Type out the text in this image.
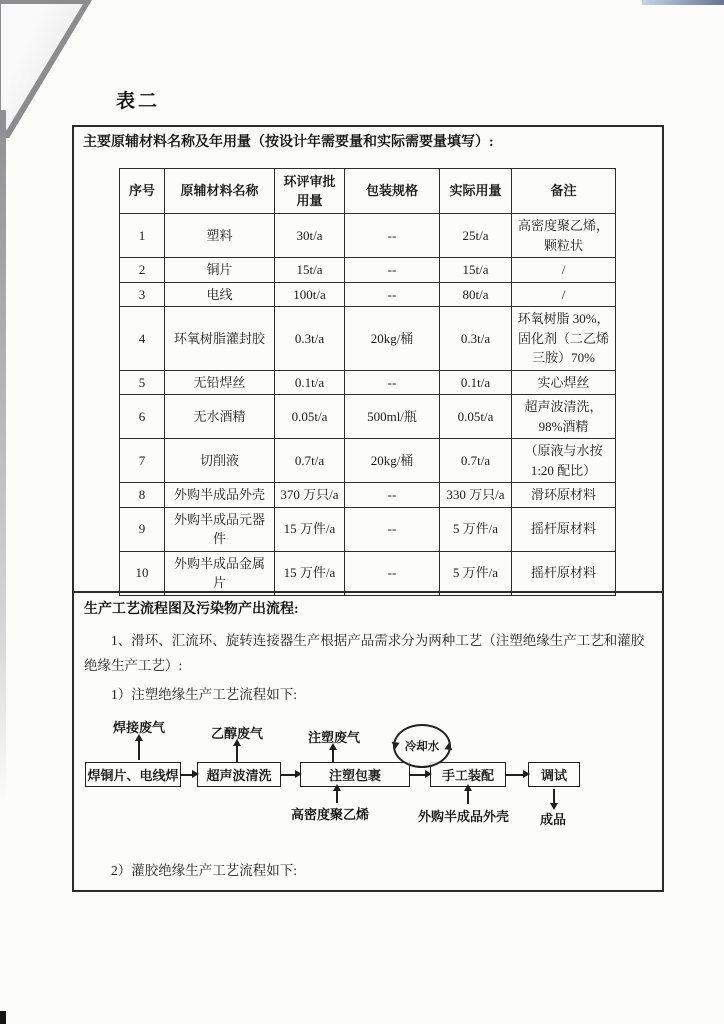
表二
主要原辅材料名称及年用量（按设计年需要量和实际需要量填写）:
序号	原辅材料名称	环评审批用量	包装规格	实际用量	备注
1	塑料	30t/a	--	25t/a	高密度聚乙烯，颗粒状
2	铜片	15t/a	--	15t/a	/
3	电线	100t/a	--	80t/a	/
4	环氧树脂灌封胶	0.3t/a	20kg/桶	0.3t/a	环氧树脂 30%，固化剂（二乙烯三胺）70%
5	无铅焊丝	0.1t/a	--	0.1t/a	实心焊丝
6	无水酒精	0.05t/a	500ml/瓶	0.05t/a	超声波清洗，98%酒精
7	切削液	0.7t/a	20kg/桶	0.7t/a	（原液与水按 1:20 配比）
8	外购半成品外壳	370 万只/a	--	330 万只/a	滑环原材料
9	外购半成品元器件	15 万件/a	--	5 万件/a	摇杆原材料
10	外购半成品金属片	15 万件/a	--	5 万件/a	摇杆原材料
生产工艺流程图及污染物产出流程:

1、滑环、汇流环、旋转连接器生产根据产品需求分为两种工艺（注塑绝缘生产工艺和灌胶绝缘生产工艺）:

1）注塑绝缘生产工艺流程如下:

焊接废气	乙醇废气	注塑废气
冷却水
焊铜片、电线焊	超声波清洗	注塑包裹	手工装配	调试
高密度聚乙烯	外购半成品外壳 成品

2）灌胶绝缘生产工艺流程如下:
